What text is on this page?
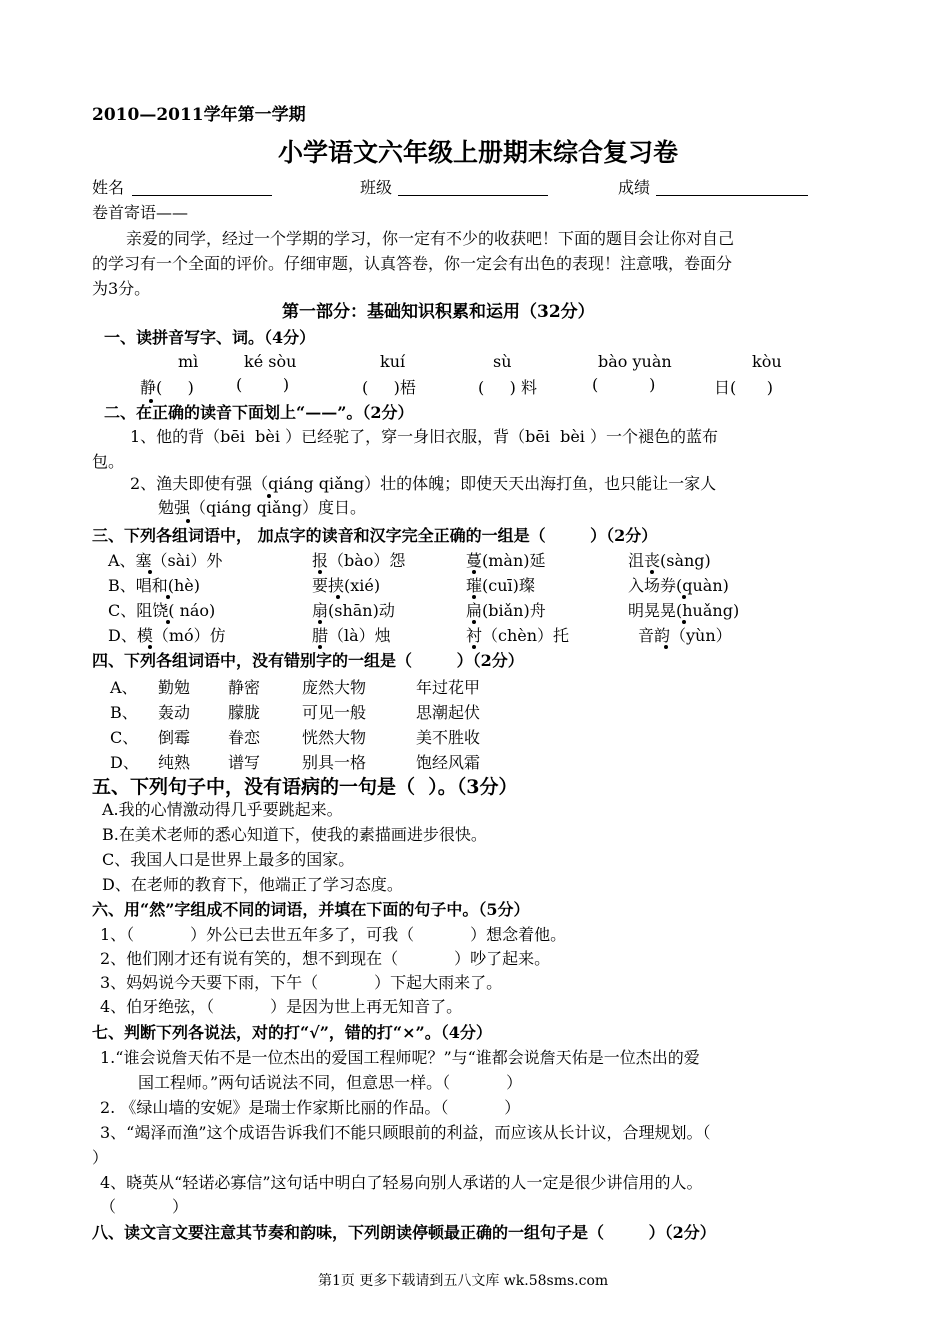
2010—2011学年第一学期
小学语文六年级上册期末综合复习卷
姓名	班级	成绩
卷首寄语——
亲爱的同学，经过一个学期的学习，你一定有不少的收获吧！下面的题目会让你对自己
的学习有一个全面的评价。仔细审题，认真答卷，你一定会有出色的表现！注意哦，卷面分
为3分。
第一部分：基础知识积累和运用（32分）
一、读拼音写字、词。（4分）
mì	ké sòu	kuí	sù	bào yuàn	kòu
静(     )	(        )	(     )梧	(     ) 料	(          )	日(      )
二、在正确的读音下面划上“——”。（2分）
1、他的背（bēi  bèi ）已经驼了，穿一身旧衣服，背（bēi  bèi ）一个褪色的蓝布
包。
2、渔夫即使有强（qiáng qiǎng）壮的体魄；即使天天出海打鱼，也只能让一家人
勉强（qiáng qiǎng）度日。
三、下列各组词语中， 加点字的读音和汉字完全正确的一组是（        ）（2分）
A、塞（sài）外	报（bào）怨	蔓(màn)延	沮丧(sàng)
B、唱和(hè)	要挟(xié)	璀(cuī)璨	入场券(quàn)
C、阻饶( náo)	扇(shān)动	扁(biǎn)舟	明晃晃(huǎng)
D、模（mó）仿	腊（là）烛	衬（chèn）托	音韵（yùn）
四、下列各组词语中，没有错别字的一组是（        ）（2分）
A、 勤勉 静密	庞然大物	年过花甲
B、 轰动 朦胧	可见一般	思潮起伏
C、 倒霉 眷恋	恍然大物	美不胜收
D、 纯熟 谱写	别具一格	饱经风霜
五、下列句子中，没有语病的一句是（  ）。（3分）
A.我的心情激动得几乎要跳起来。
B.在美术老师的悉心知道下，使我的素描画进步很快。
C、我国人口是世界上最多的国家。
D、在老师的教育下，他端正了学习态度。
六、用“然”字组成不同的词语，并填在下面的句子中。（5分）
1、（           ）外公已去世五年多了，可我（           ）想念着他。
2、他们刚才还有说有笑的，想不到现在（           ）吵了起来。
3、妈妈说今天要下雨，下午（           ）下起大雨来了。
4、伯牙绝弦，（           ）是因为世上再无知音了。
七、判断下列各说法，对的打“√”，错的打“×”。（4分）
1.“谁会说詹天佑不是一位杰出的爱国工程师呢？”与“谁都会说詹天佑是一位杰出的爱
国工程师。”两句话说法不同，但意思一样。（           ）
2. 《绿山墙的安妮》是瑞士作家斯比丽的作品。（           ）
3、“竭泽而渔”这个成语告诉我们不能只顾眼前的利益，而应该从长计议，合理规划。（
）
4、晓英从“轻诺必寡信”这句话中明白了轻易向别人承诺的人一定是很少讲信用的人。
（           ）
八、读文言文要注意其节奏和韵味，下列朗读停顿最正确的一组句子是（        ）（2分）
第1页 更多下载请到五八文库 wk.58sms.com
